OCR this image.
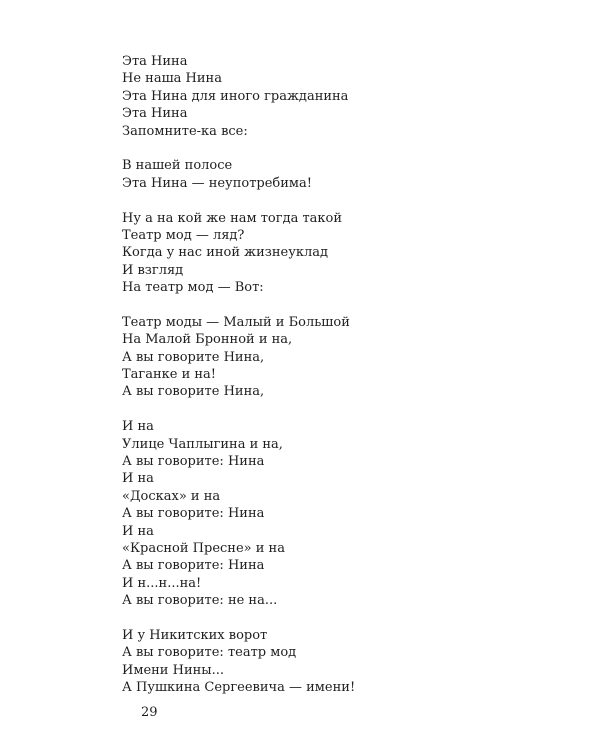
Эта Нина
Не наша Нина
Эта Нина для иного гражданина
Эта Нина
Запомните-ка все:
В нашей полосе
Эта Нина — неупотребима!
Ну а на кой же нам тогда такой
Театр мод — ляд?
Когда у нас иной жизнеуклад
И взгляд
На театр мод — Вот:
Театр моды — Малый и Большой
На Малой Бронной и на,
А вы говорите Нина,
Таганке и на!
А вы говорите Нина,
И на
Улице Чаплыгина и на,
А вы говорите: Нина
И на
«Досках» и на
А вы говорите: Нина
И на
«Красной Пресне» и на
А вы говорите: Нина
И н...н...на!
А вы говорите: не на...
И у Никитских ворот
А вы говорите: театр мод
Имени Нины...
А Пушкина Сергеевича — имени!
29
